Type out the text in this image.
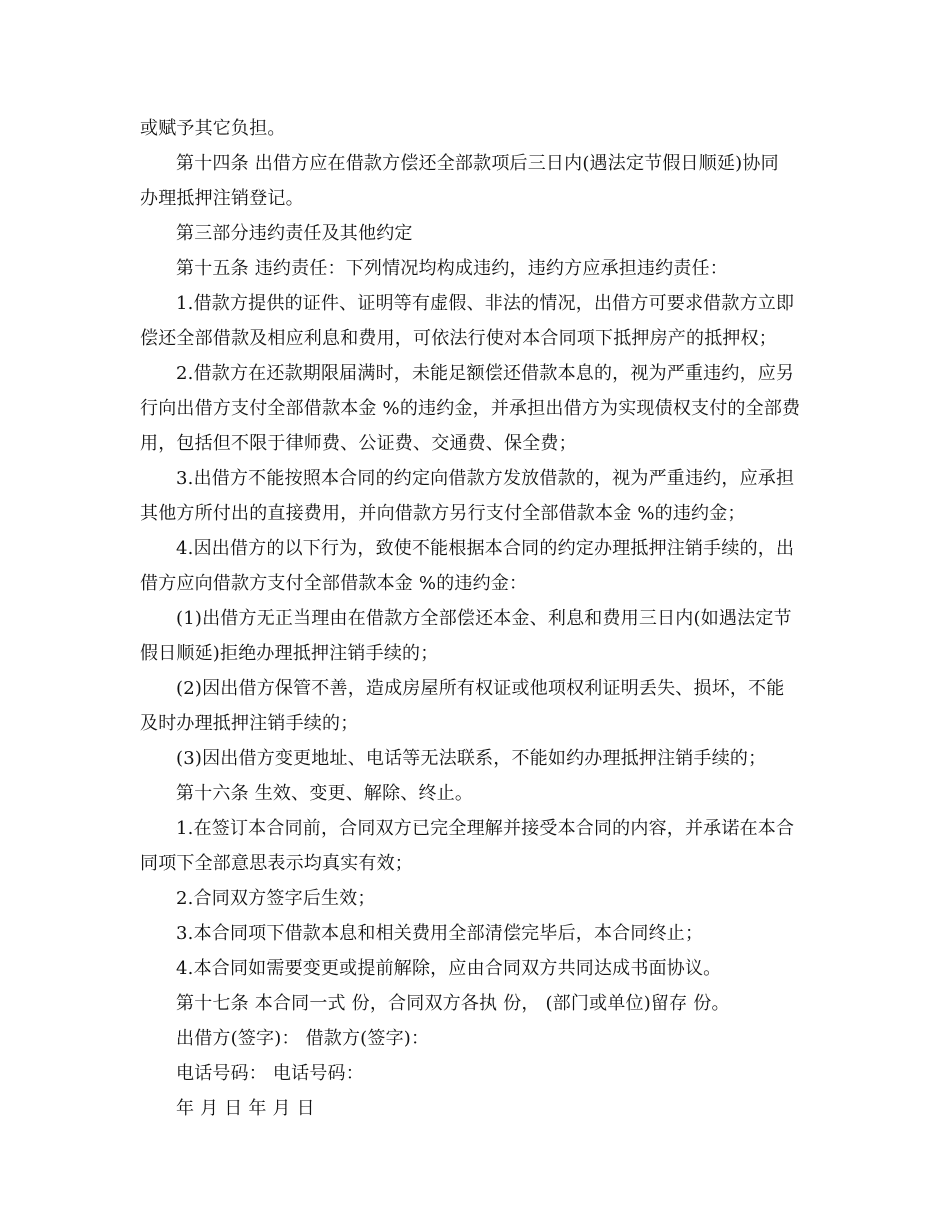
或赋予其它负担。
第十四条 出借方应在借款方偿还全部款项后三日内(遇法定节假日顺延)协同
办理抵押注销登记。
第三部分违约责任及其他约定
第十五条 违约责任：下列情况均构成违约，违约方应承担违约责任：
1.借款方提供的证件、证明等有虚假、非法的情况，出借方可要求借款方立即
偿还全部借款及相应利息和费用，可依法行使对本合同项下抵押房产的抵押权；
2.借款方在还款期限届满时，未能足额偿还借款本息的，视为严重违约，应另
行向出借方支付全部借款本金 %的违约金，并承担出借方为实现债权支付的全部费
用，包括但不限于律师费、公证费、交通费、保全费；
3.出借方不能按照本合同的约定向借款方发放借款的，视为严重违约，应承担
其他方所付出的直接费用，并向借款方另行支付全部借款本金 %的违约金；
4.因出借方的以下行为，致使不能根据本合同的约定办理抵押注销手续的，出
借方应向借款方支付全部借款本金 %的违约金：
(1)出借方无正当理由在借款方全部偿还本金、利息和费用三日内(如遇法定节
假日顺延)拒绝办理抵押注销手续的；
(2)因出借方保管不善，造成房屋所有权证或他项权利证明丢失、损坏，不能
及时办理抵押注销手续的；
(3)因出借方变更地址、电话等无法联系，不能如约办理抵押注销手续的；
第十六条 生效、变更、解除、终止。
1.在签订本合同前，合同双方已完全理解并接受本合同的内容，并承诺在本合
同项下全部意思表示均真实有效；
2.合同双方签字后生效；
3.本合同项下借款本息和相关费用全部清偿完毕后，本合同终止；
4.本合同如需要变更或提前解除，应由合同双方共同达成书面协议。
第十七条 本合同一式 份，合同双方各执 份， (部门或单位)留存 份。
出借方(签字)： 借款方(签字)：
电话号码： 电话号码：
年 月 日 年 月 日
